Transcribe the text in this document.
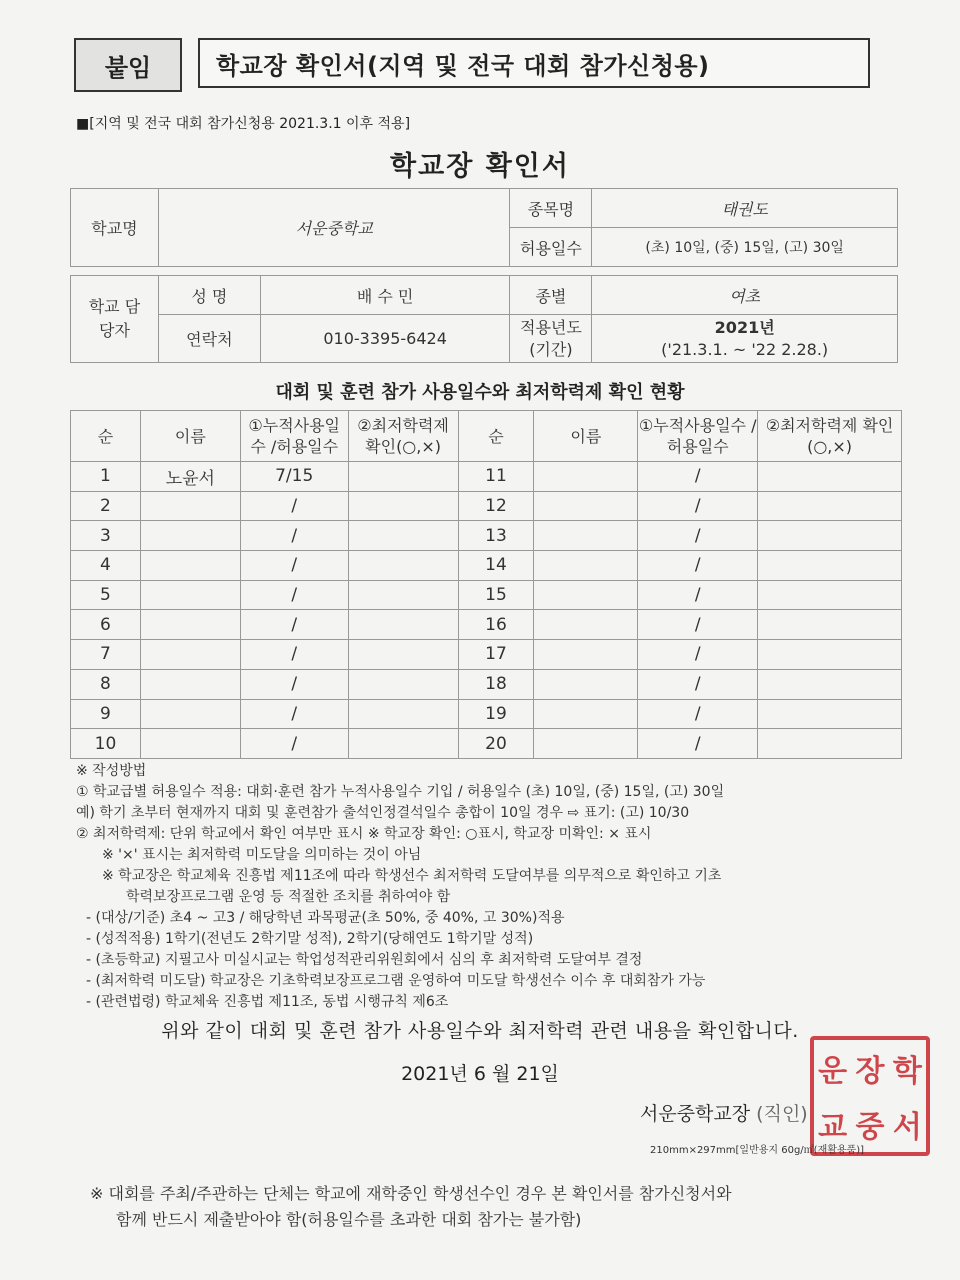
붙임	학교장 확인서(지역 및 전국 대회 참가신청용)
■[지역 및 전국 대회 참가신청용 2021.3.1 이후 적용]
학교장 확인서
학교명	서운중학교		종목명	태권도
			허용일수	(초) 10일, (중) 15일, (고) 30일

학교 담당자	성 명	배 수 민	종별	여초
	연락처	010-3395-6424	적용년도 (기간)	2021년
('21.3.1. ~ '22 2.28.)
대회 및 훈련 참가 사용일수와 최저학력제 확인 현황
순	이름	①누적사용일수 /허용일수	②최저학력제 확인(○,×)	순	이름	①누적사용일수 /허용일수	②최저학력제 확인(○,×)
1	노윤서	7/15		11		/	
2		/		12		/	
3		/		13		/	
4		/		14		/	
5		/		15		/	
6		/		16		/	
7		/		17		/	
8		/		18		/	
9		/		19		/	
10		/		20		/	
※ 작성방법
① 학교급별 허용일수 적용: 대회·훈련 참가 누적사용일수 기입 / 허용일수 (초) 10일, (중) 15일, (고) 30일
예) 학기 초부터 현재까지 대회 및 훈련참가 출석인정결석일수 총합이 10일 경우 ⇨ 표기: (고) 10/30
② 최저학력제: 단위 학교에서 확인 여부만 표시 ※ 학교장 확인: ○표시, 학교장 미확인: × 표시
※ '×' 표시는 최저학력 미도달을 의미하는 것이 아님
※ 학교장은 학교체육 진흥법 제11조에 따라 학생선수 최저학력 도달여부를 의무적으로 확인하고 기초
학력보장프로그램 운영 등 적절한 조치를 취하여야 함
- (대상/기준) 초4 ~ 고3 / 해당학년 과목평균(초 50%, 중 40%, 고 30%)적용
- (성적적용) 1학기(전년도 2학기말 성적), 2학기(당해연도 1학기말 성적)
- (초등학교) 지필고사 미실시교는 학업성적관리위원회에서 심의 후 최저학력 도달여부 결정
- (최저학력 미도달) 학교장은 기초학력보장프로그램 운영하여 미도달 학생선수 이수 후 대회참가 가능
- (관련법령) 학교체육 진흥법 제11조, 동법 시행규칙 제6조
위와 같이 대회 및 훈련 참가 사용일수와 최저학력 관련 내용을 확인합니다.
2021년 6 월 21일
서운중학교장 (직인)
운 장 학
교 중 서
210mm×297mm[일반용지 60g/㎡(재활용품)]
※ 대회를 주최/주관하는 단체는 학교에 재학중인 학생선수인 경우 본 확인서를 참가신청서와
함께 반드시 제출받아야 함(허용일수를 초과한 대회 참가는 불가함)
